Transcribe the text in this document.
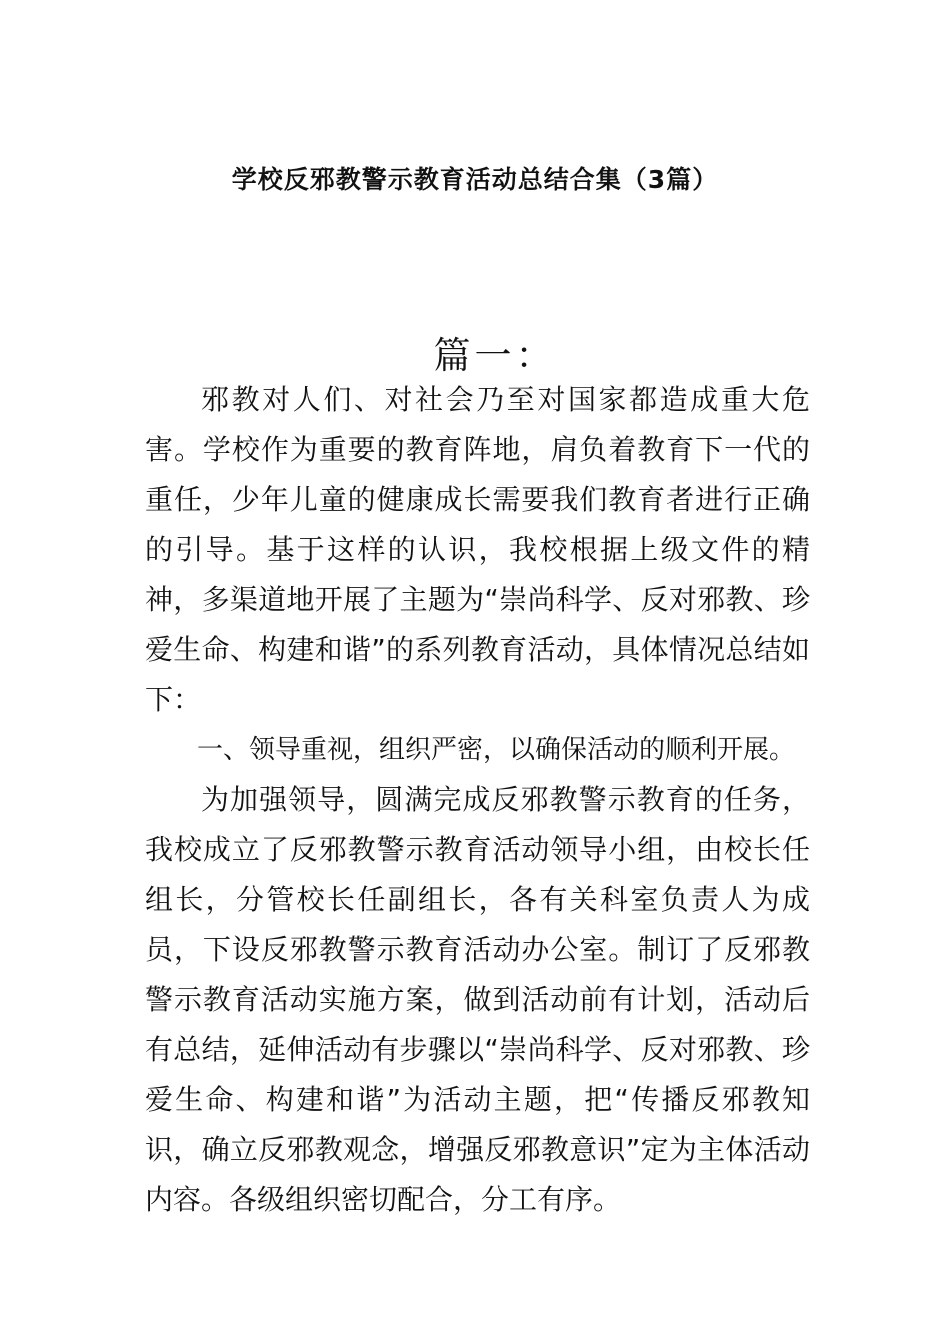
学校反邪教警示教育活动总结合集（3篇）
篇一：

邪教对人们、对社会乃至对国家都造成重大危害。学校作为重要的教育阵地，肩负着教育下一代的重任，少年儿童的健康成长需要我们教育者进行正确的引导。基于这样的认识，我校根据上级文件的精神，多渠道地开展了主题为“崇尚科学、反对邪教、珍爱生命、构建和谐”的系列教育活动，具体情况总结如下：

一、领导重视，组织严密，以确保活动的顺利开展。

为加强领导，圆满完成反邪教警示教育的任务，我校成立了反邪教警示教育活动领导小组，由校长任组长，分管校长任副组长，各有关科室负责人为成员，下设反邪教警示教育活动办公室。制订了反邪教警示教育活动实施方案，做到活动前有计划，活动后有总结，延伸活动有步骤以“崇尚科学、反对邪教、珍爱生命、构建和谐”为活动主题，把“传播反邪教知识，确立反邪教观念，增强反邪教意识”定为主体活动内容。各级组织密切配合，分工有序。
